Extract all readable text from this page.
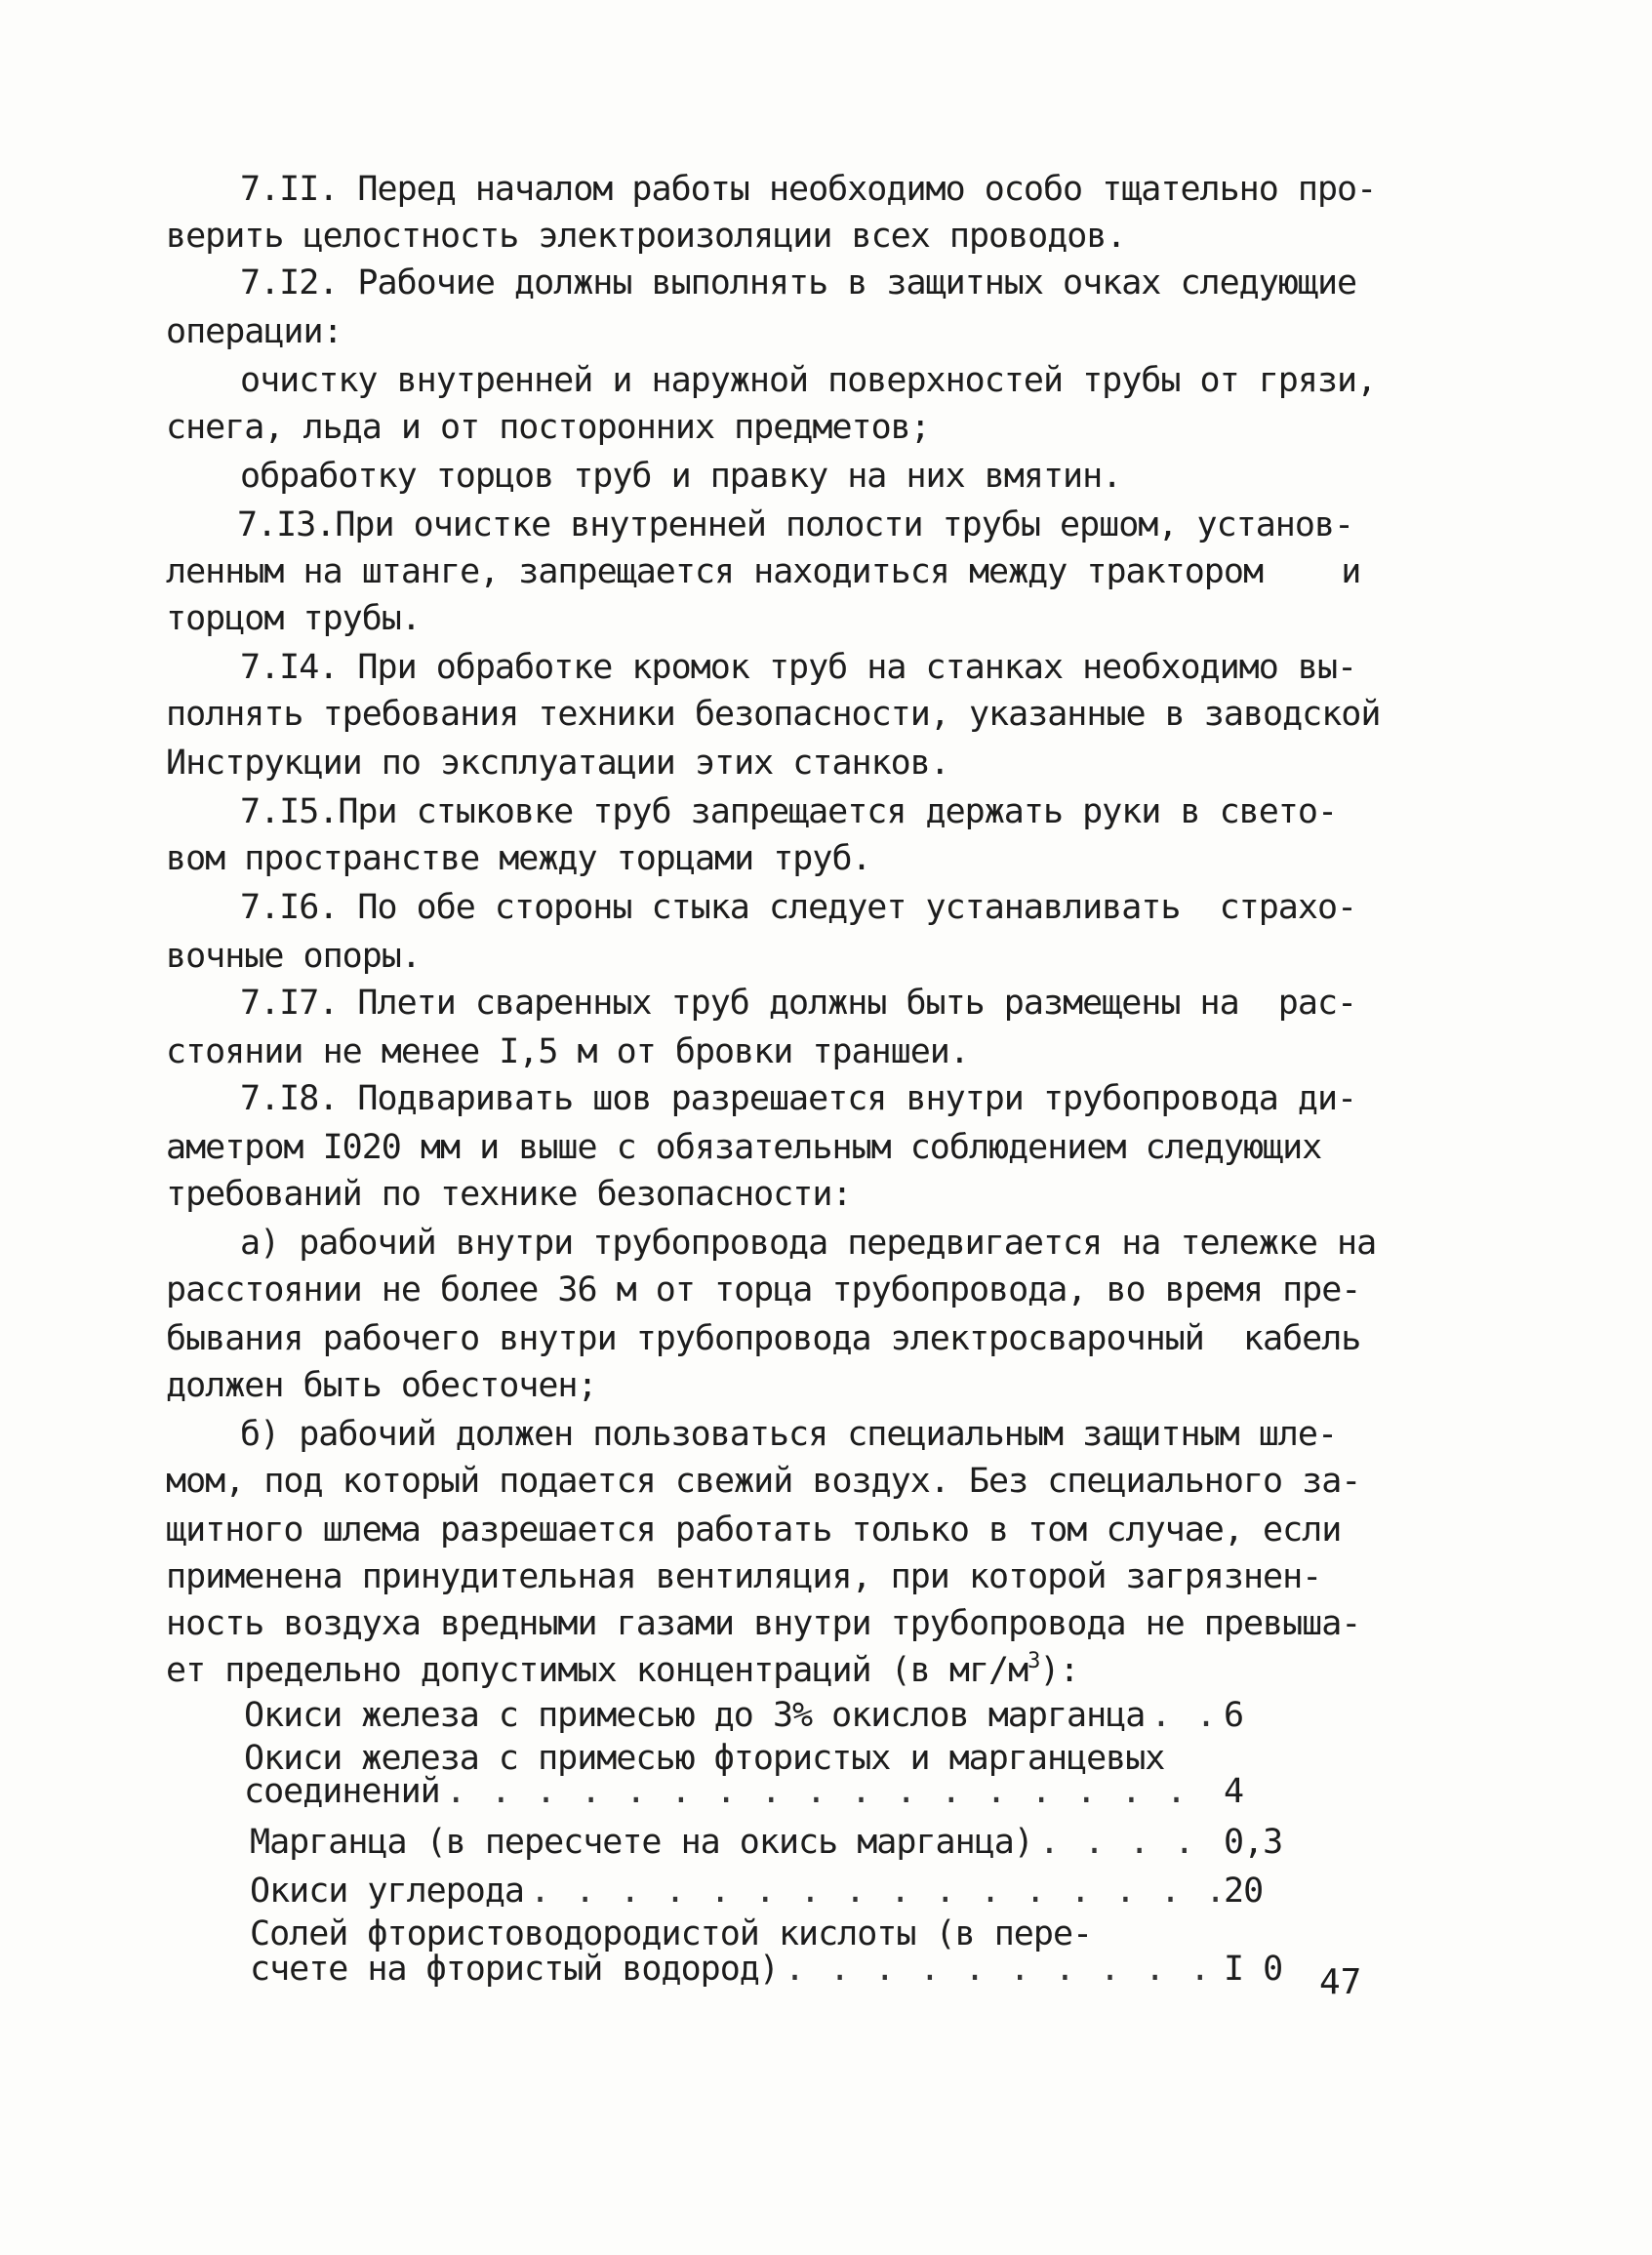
7.II. Перед началом работы необходимо особо тщательно про-
верить целостность электроизоляции всех проводов.
7.I2. Рабочие должны выполнять в защитных очках следующие
операции:
очистку внутренней и наружной поверхностей трубы от грязи,
снега, льда и от посторонних предметов;
обработку торцов труб и правку на них вмятин.
7.I3.При очистке внутренней полости трубы ершом, установ-
ленным на штанге, запрещается находиться между трактором    и
торцом трубы.
7.I4. При обработке кромок труб на станках необходимо вы-
полнять требования техники безопасности, указанные в заводской
Инструкции по эксплуатации этих станков.
7.I5.При стыковке труб запрещается держать руки в свето-
вом пространстве между торцами труб.
7.I6. По обе стороны стыка следует устанавливать  страхо-
вочные опоры.
7.I7. Плети сваренных труб должны быть размещены на  рас-
стоянии не менее I,5 м от бровки траншеи.
7.I8. Подваривать шов разрешается внутри трубопровода ди-
аметром I020 мм и выше с обязательным соблюдением следующих
требований по технике безопасности:
а) рабочий внутри трубопровода передвигается на тележке на
расстоянии не более 36 м от торца трубопровода, во время пре-
бывания рабочего внутри трубопровода электросварочный  кабель
должен быть обесточен;
б) рабочий должен пользоваться специальным защитным шле-
мом, под который подается свежий воздух. Без специального за-
щитного шлема разрешается работать только в том случае, если
применена принудительная вентиляция, при которой загрязнен-
ность воздуха вредными газами внутри трубопровода не превыша-
ет предельно допустимых концентраций (в $мг/м^3$):
Окиси железа с примесью до 3% окислов марганца . . . 6
Окиси железа с примесью фтористых и марганцевых
соединений . . .	4
Марганца (в пересчете на окись марганца) . . .	0,3
Окиси углерода . . .	20
Солей фтористоводородистой кислоты (в пере-
счете на фтористый водород) . . .	I 0 47
